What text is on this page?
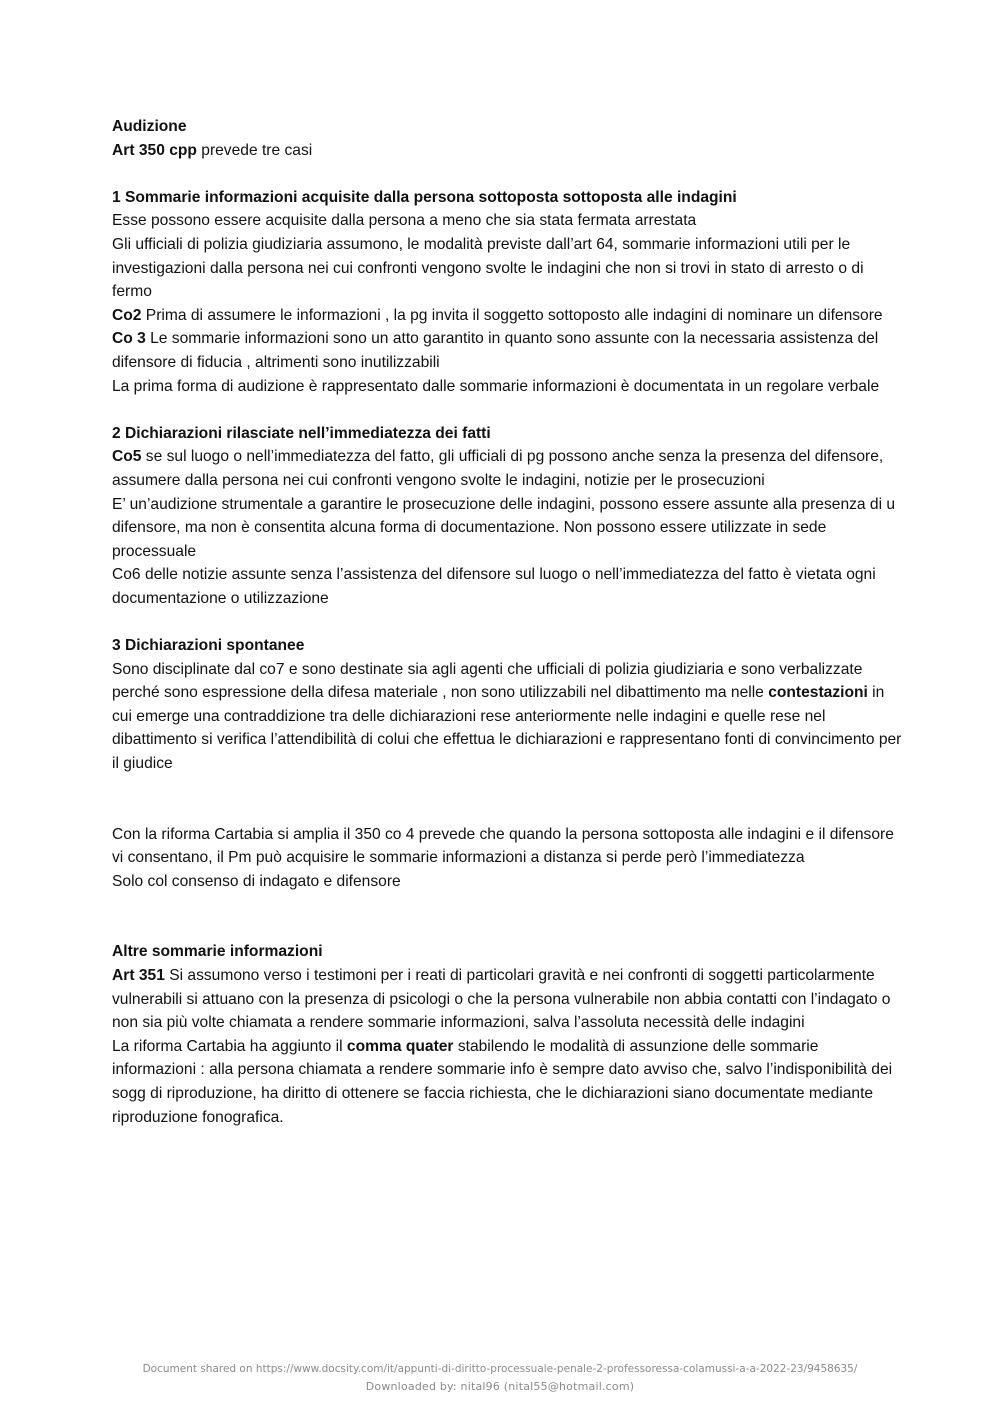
Audizione

Art 350 cpp prevede tre casi

1 Sommarie informazioni acquisite dalla persona sottoposta sottoposta alle indagini

Esse possono essere acquisite dalla persona a meno che sia stata fermata arrestata

Gli ufficiali di polizia giudiziaria assumono, le modalità previste dall’art 64, sommarie informazioni utili per le investigazioni dalla persona nei cui confronti vengono svolte le indagini che non si trovi in stato di arresto o di fermo

Co2 Prima di assumere le informazioni , la pg invita il soggetto sottoposto alle indagini di nominare un difensore

Co 3 Le sommarie informazioni sono un atto garantito in quanto sono assunte con la necessaria assistenza del difensore di fiducia , altrimenti sono inutilizzabili

La prima forma di audizione è rappresentato dalle sommarie informazioni è documentata in un regolare verbale

2 Dichiarazioni rilasciate nell’immediatezza dei fatti

Co5 se sul luogo o nell’immediatezza del fatto, gli ufficiali di pg possono anche senza la presenza del difensore, assumere dalla persona nei cui confronti vengono svolte le indagini, notizie per le prosecuzioni

E’ un’audizione strumentale a garantire le prosecuzione delle indagini, possono essere assunte alla presenza di u difensore, ma non è consentita alcuna forma di documentazione. Non possono essere utilizzate in sede processuale

Co6 delle notizie assunte senza l’assistenza del difensore sul luogo o nell’immediatezza del fatto è vietata ogni documentazione o utilizzazione

3 Dichiarazioni spontanee

Sono disciplinate dal co7 e sono destinate sia agli agenti che ufficiali di polizia giudiziaria e sono verbalizzate perché sono espressione della difesa materiale , non sono utilizzabili nel dibattimento ma nelle contestazioni in cui emerge una contraddizione tra delle dichiarazioni rese anteriormente nelle indagini e quelle rese nel dibattimento si verifica l’attendibilità di colui che effettua le dichiarazioni e rappresentano fonti di convincimento per il giudice

Con la riforma Cartabia si amplia il 350 co 4 prevede che quando la persona sottoposta alle indagini e il difensore vi consentano, il Pm può acquisire le sommarie informazioni a distanza si perde però l’immediatezza

Solo col consenso di indagato e difensore

Altre sommarie informazioni

Art 351 Si assumono verso i testimoni per i reati di particolari gravità e nei confronti di soggetti particolarmente vulnerabili si attuano con la presenza di psicologi o che la persona vulnerabile non abbia contatti con l’indagato o non sia più volte chiamata a rendere sommarie informazioni, salva l’assoluta necessità delle indagini

La riforma Cartabia ha aggiunto il comma quater stabilendo le modalità di assunzione delle sommarie informazioni : alla persona chiamata a rendere sommarie info è sempre dato avviso che, salvo l’indisponibilità dei sogg di riproduzione, ha diritto di ottenere se faccia richiesta, che le dichiarazioni siano documentate mediante riproduzione fonografica.

Document shared on https://www.docsity.com/it/appunti-di-diritto-processuale-penale-2-professoressa-colamussi-a-a-2022-23/9458635/
Downloaded by: nital96 (nital55@hotmail.com)
